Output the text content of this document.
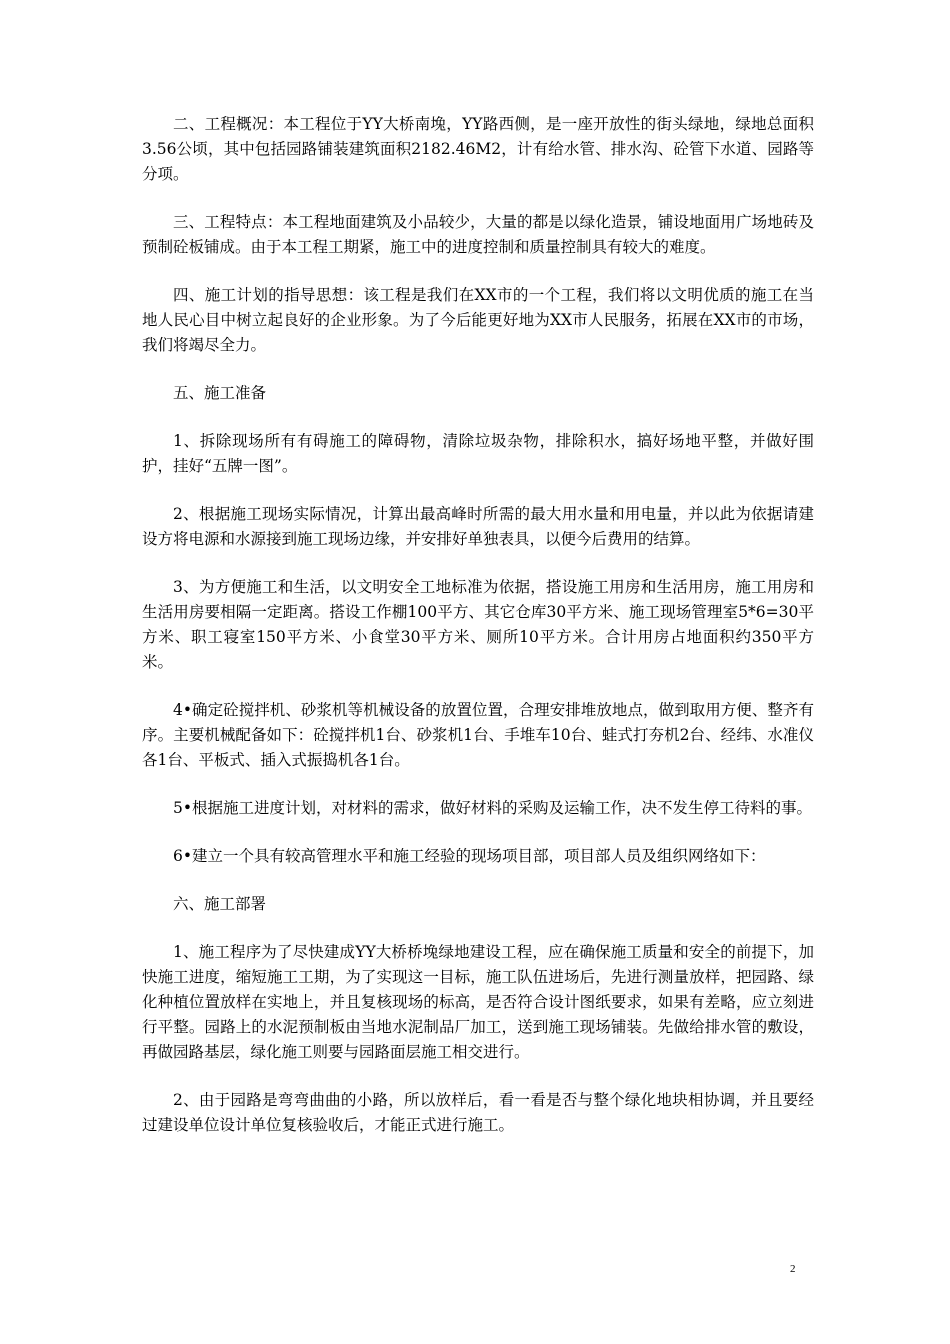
二、工程概况：本工程位于YY大桥南堍，YY路西侧，是一座开放性的街头绿地，绿地总面积3.56公顷，其中包括园路铺装建筑面积2182.46M2，计有给水管、排水沟、砼管下水道、园路等分项。

三、工程特点：本工程地面建筑及小品较少，大量的都是以绿化造景，铺设地面用广场地砖及预制砼板铺成。由于本工程工期紧，施工中的进度控制和质量控制具有较大的难度。

四、施工计划的指导思想：该工程是我们在XX市的一个工程，我们将以文明优质的施工在当地人民心目中树立起良好的企业形象。为了今后能更好地为XX市人民服务，拓展在XX市的市场，我们将竭尽全力。

五、施工准备

1、拆除现场所有有碍施工的障碍物，清除垃圾杂物，排除积水，搞好场地平整，并做好围护，挂好“五牌一图”。

2、根据施工现场实际情况，计算出最高峰时所需的最大用水量和用电量，并以此为依据请建设方将电源和水源接到施工现场边缘，并安排好单独表具，以便今后费用的结算。

3、为方便施工和生活，以文明安全工地标准为依据，搭设施工用房和生活用房，施工用房和生活用房要相隔一定距离。搭设工作棚100平方、其它仓库30平方米、施工现场管理室5*6=30平方米、职工寝室150平方米、小食堂30平方米、厕所10平方米。合计用房占地面积约350平方米。

4•确定砼搅拌机、砂浆机等机械设备的放置位置，合理安排堆放地点，做到取用方便、整齐有序。主要机械配备如下：砼搅拌机1台、砂浆机1台、手堆车10台、蛙式打夯机2台、经纬、水准仪各1台、平板式、插入式振捣机各1台。

5•根据施工进度计划，对材料的需求，做好材料的采购及运输工作，决不发生停工待料的事。

6•建立一个具有较高管理水平和施工经验的现场项目部，项目部人员及组织网络如下：

六、施工部署

1、施工程序为了尽快建成YY大桥桥堍绿地建设工程，应在确保施工质量和安全的前提下，加快施工进度，缩短施工工期，为了实现这一目标，施工队伍进场后，先进行测量放样，把园路、绿化种植位置放样在实地上，并且复核现场的标高，是否符合设计图纸要求，如果有差略，应立刻进行平整。园路上的水泥预制板由当地水泥制品厂加工，送到施工现场铺装。先做给排水管的敷设，再做园路基层，绿化施工则要与园路面层施工相交进行。

2、由于园路是弯弯曲曲的小路，所以放样后，看一看是否与整个绿化地块相协调，并且要经过建设单位设计单位复核验收后，才能正式进行施工。

2
